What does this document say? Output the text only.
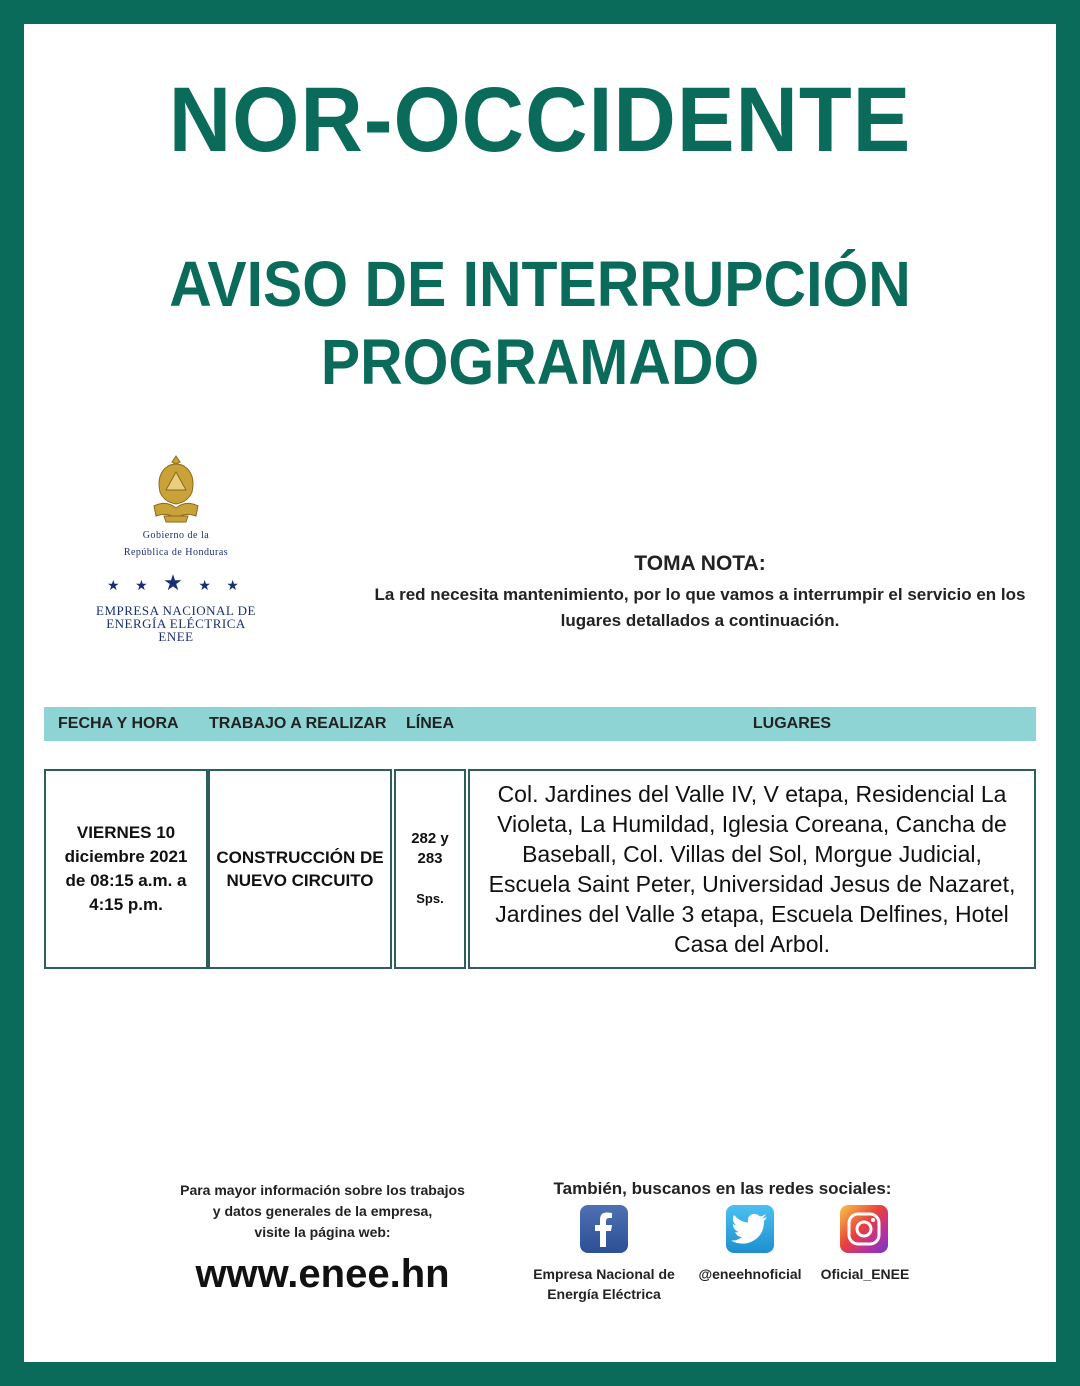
NOR-OCCIDENTE
AVISO DE INTERRUPCIÓN
PROGRAMADO
Gobierno de la
República de Honduras
★ ★ ★ ★ ★
EMPRESA NACIONAL DE
ENERGÍA ELÉCTRICA
ENEE
TOMA NOTA:
La red necesita mantenimiento, por lo que vamos a interrumpir el servicio en los lugares detallados a continuación.
FECHA Y HORA TRABAJO A REALIZAR LÍNEA	LUGARES
VIERNES 10
diciembre 2021
de 08:15 a.m. a
4:15 p.m.
CONSTRUCCIÓN DE
NUEVO CIRCUITO
282 y
283
Sps.
Col. Jardines del Valle IV, V etapa, Residencial La Violeta, La Humildad, Iglesia Coreana, Cancha de Baseball, Col. Villas del Sol, Morgue Judicial, Escuela Saint Peter, Universidad Jesus de Nazaret, Jardines del Valle 3 etapa, Escuela Delfines, Hotel Casa del Arbol.
Para mayor información sobre los trabajos
y datos generales de la empresa,
visite la página web:
www.enee.hn
También, buscanos en las redes sociales:
Empresa Nacional de
Energía Eléctrica
@eneehnoficial	Oficial_ENEE
